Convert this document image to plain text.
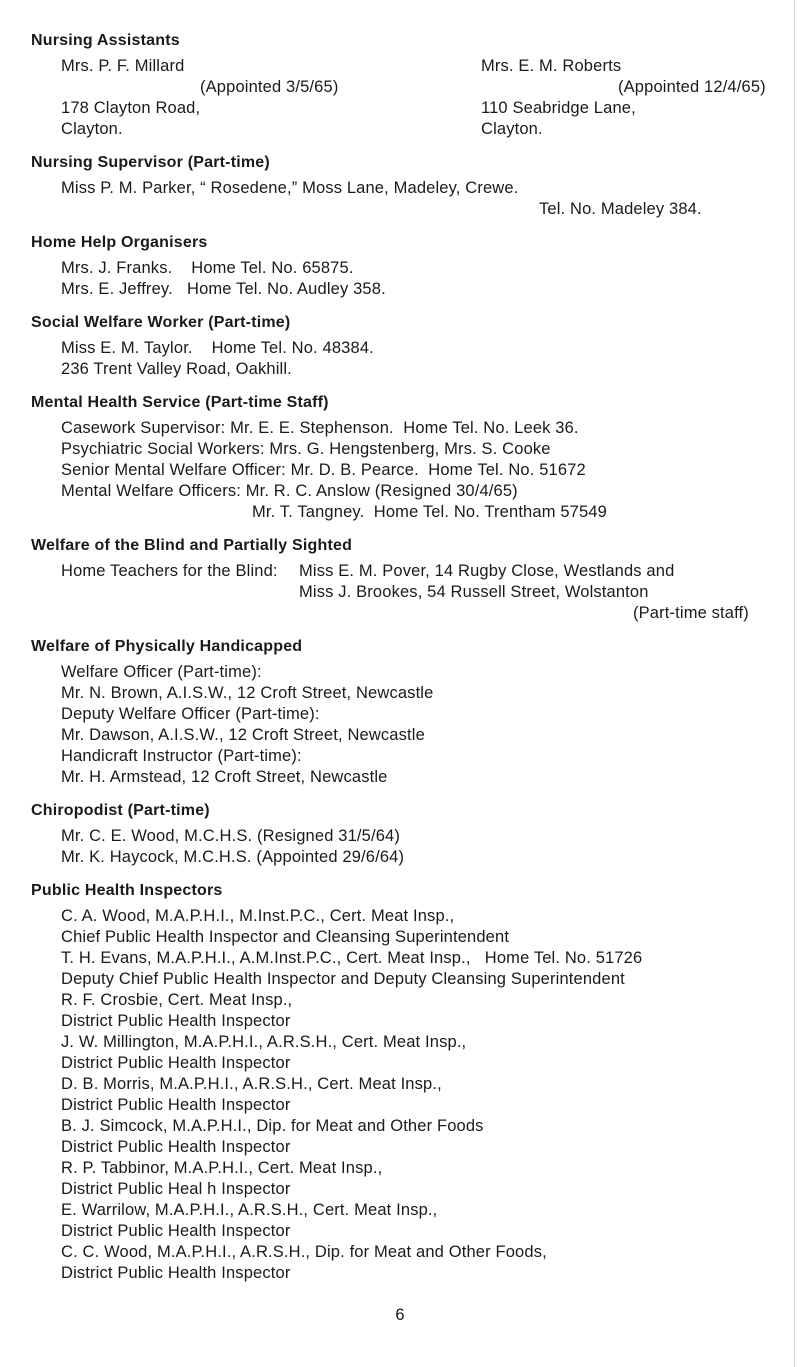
Nursing Assistants
Mrs. P. F. Millard
(Appointed 3/5/65)
178 Clayton Road,
Clayton.
Mrs. E. M. Roberts
(Appointed 12/4/65)
110 Seabridge Lane,
Clayton.
Nursing Supervisor (Part-time)
Miss P. M. Parker, “ Rosedene,” Moss Lane, Madeley, Crewe.
Tel. No. Madeley 384.
Home Help Organisers
Mrs. J. Franks.    Home Tel. No. 65875.
Mrs. E. Jeffrey.   Home Tel. No. Audley 358.
Social Welfare Worker (Part-time)
Miss E. M. Taylor.    Home Tel. No. 48384.
236 Trent Valley Road, Oakhill.
Mental Health Service (Part-time Staff)
Casework Supervisor: Mr. E. E. Stephenson.  Home Tel. No. Leek 36.
Psychiatric Social Workers: Mrs. G. Hengstenberg, Mrs. S. Cooke
Senior Mental Welfare Officer: Mr. D. B. Pearce.  Home Tel. No. 51672
Mental Welfare Officers: Mr. R. C. Anslow (Resigned 30/4/65)
Mr. T. Tangney.  Home Tel. No. Trentham 57549
Welfare of the Blind and Partially Sighted
Home Teachers for the Blind: Miss E. M. Pover, 14 Rugby Close, Westlands and
Miss J. Brookes, 54 Russell Street, Wolstanton
(Part-time staff)
Welfare of Physically Handicapped
Welfare Officer (Part-time):
Mr. N. Brown, A.I.S.W., 12 Croft Street, Newcastle
Deputy Welfare Officer (Part-time):
Mr. Dawson, A.I.S.W., 12 Croft Street, Newcastle
Handicraft Instructor (Part-time):
Mr. H. Armstead, 12 Croft Street, Newcastle
Chiropodist (Part-time)
Mr. C. E. Wood, M.C.H.S. (Resigned 31/5/64)
Mr. K. Haycock, M.C.H.S. (Appointed 29/6/64)
Public Health Inspectors
C. A. Wood, M.A.P.H.I., M.Inst.P.C., Cert. Meat Insp.,
Chief Public Health Inspector and Cleansing Superintendent
T. H. Evans, M.A.P.H.I., A.M.Inst.P.C., Cert. Meat Insp.,   Home Tel. No. 51726
Deputy Chief Public Health Inspector and Deputy Cleansing Superintendent
R. F. Crosbie, Cert. Meat Insp.,
District Public Health Inspector
J. W. Millington, M.A.P.H.I., A.R.S.H., Cert. Meat Insp.,
District Public Health Inspector
D. B. Morris, M.A.P.H.I., A.R.S.H., Cert. Meat Insp.,
District Public Health Inspector
B. J. Simcock, M.A.P.H.I., Dip. for Meat and Other Foods
District Public Health Inspector
R. P. Tabbinor, M.A.P.H.I., Cert. Meat Insp.,
District Public Heal h Inspector
E. Warrilow, M.A.P.H.I., A.R.S.H., Cert. Meat Insp.,
District Public Health Inspector
C. C. Wood, M.A.P.H.I., A.R.S.H., Dip. for Meat and Other Foods,
District Public Health Inspector
6
